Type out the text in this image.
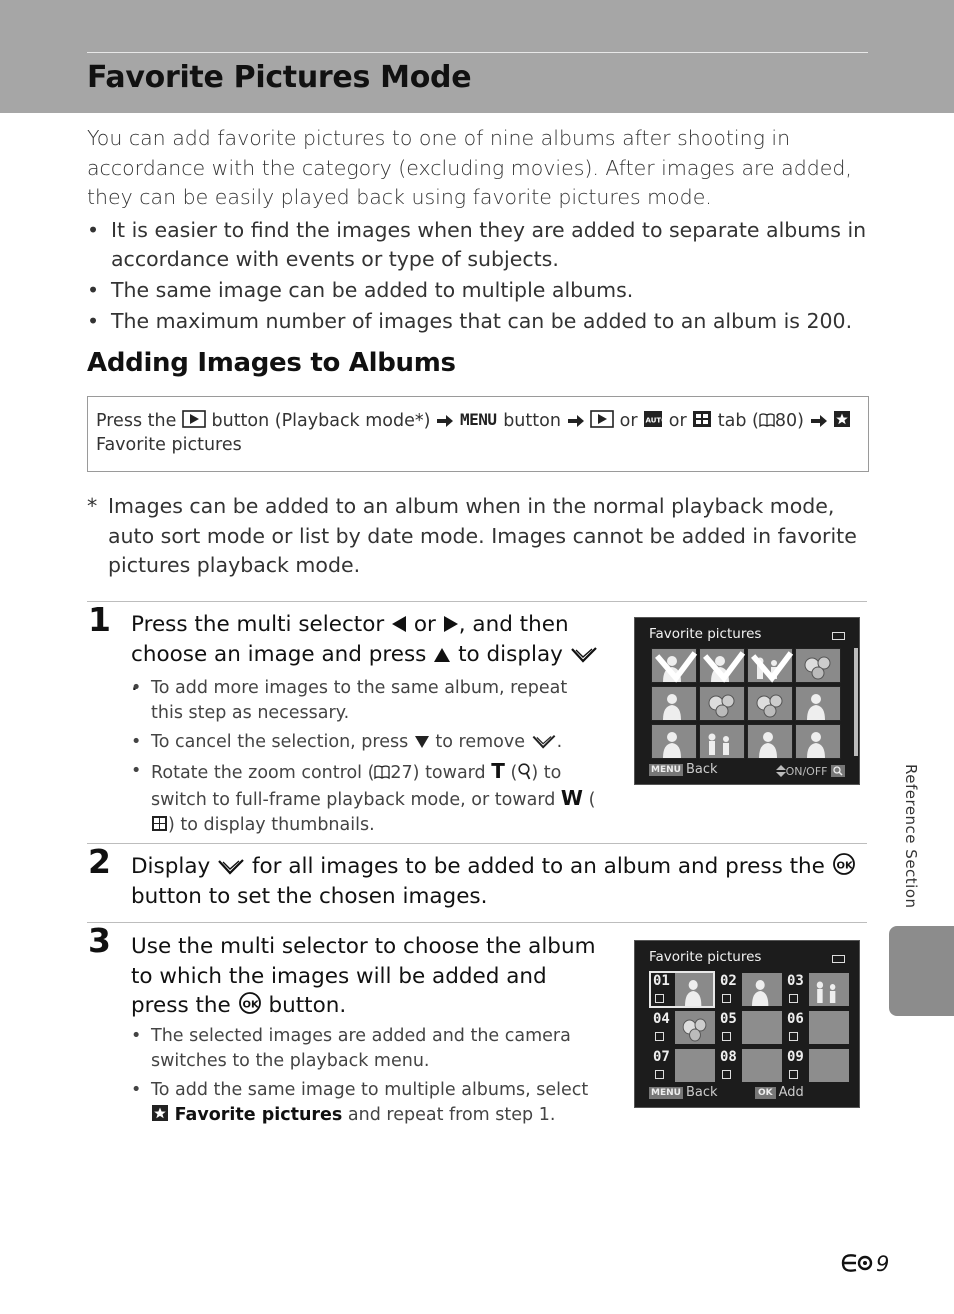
Favorite Pictures Mode

You can add favorite pictures to one of nine albums after shooting in accordance with the category (excluding movies). After images are added, they can be easily played back using favorite pictures mode.

• It is easier to find the images when they are added to separate albums in accordance with events or type of subjects.
• The same image can be added to multiple albums.
• The maximum number of images that can be added to an album is 200.
Adding Images to Albums
Press the button (Playback mode*) MENU button	or AUTO or tab ( 80)
Favorite pictures
* Images can be added to an album when in the normal playback mode, auto sort mode or list by date mode. Images cannot be added in favorite pictures playback mode.
1 Press the multi selector or , and then choose an image and press to display .

• To add more images to the same album, repeat this step as necessary.
• To cancel the selection, press to remove .
• Rotate the zoom control ( 27) toward T ( ) to switch to full-frame playback mode, or toward W () to display thumbnails.
Favorite pictures
MENU Back	ON/OFF
2 Display for all images to be added to an album and press the OK
button to set the chosen images.

3 Use the multi selector to choose the album to which the images will be added and press the OK button.

• The selected images are added and the camera switches to the playback menu.
• To add the same image to multiple albums, select  Favorite pictures and repeat from step 1.
Favorite pictures
01	02	03
04	05	06
07	08	09
MENU Back	OK Add
Reference Section
9
